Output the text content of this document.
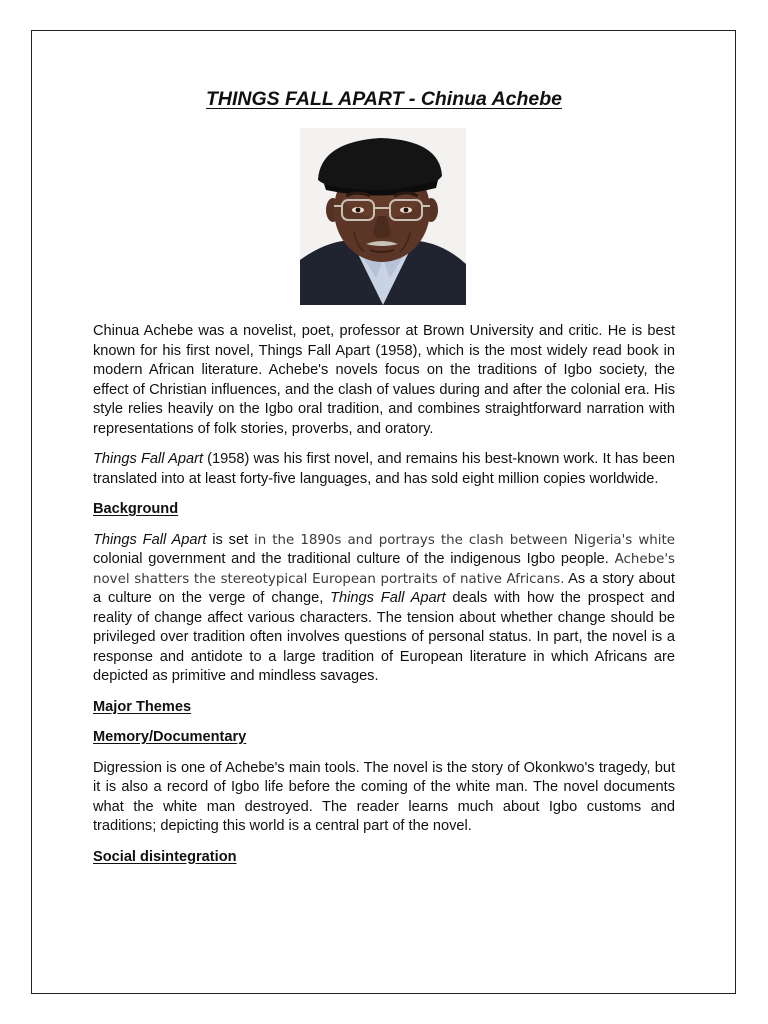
THINGS FALL APART - Chinua Achebe

Chinua Achebe was a novelist, poet, professor at Brown University and critic. He is best known for his first novel, Things Fall Apart (1958), which is the most widely read book in modern African literature. Achebe's novels focus on the traditions of Igbo society, the effect of Christian influences, and the clash of values during and after the colonial era. His style relies heavily on the Igbo oral tradition, and combines straightforward narration with representations of folk stories, proverbs, and oratory.

Things Fall Apart (1958) was his first novel, and remains his best-known work. It has been translated into at least forty-five languages, and has sold eight million copies worldwide.

Background

Things Fall Apart is set in the 1890s and portrays the clash between Nigeria's white colonial government and the traditional culture of the indigenous Igbo people. Achebe's novel shatters the stereotypical European portraits of native Africans. As a story about a culture on the verge of change, Things Fall Apart deals with how the prospect and reality of change affect various characters. The tension about whether change should be privileged over tradition often involves questions of personal status. In part, the novel is a response and antidote to a large tradition of European literature in which Africans are depicted as primitive and mindless savages.

Major Themes
Memory/Documentary

Digression is one of Achebe's main tools. The novel is the story of Okonkwo's tragedy, but it is also a record of Igbo life before the coming of the white man. The novel documents what the white man destroyed. The reader learns much about Igbo customs and traditions; depicting this world is a central part of the novel.

Social disintegration
